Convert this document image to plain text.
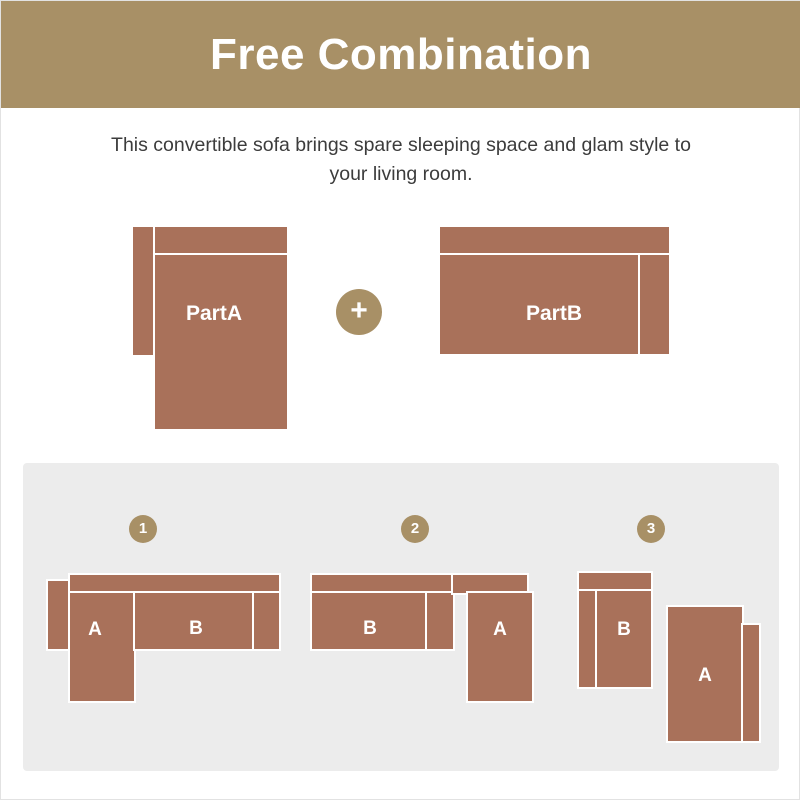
Free Combination
This convertible sofa brings spare sleeping space and glam style to your living room.
PartA	+	PartB
1
A	B
2
B	A
3
B
A
